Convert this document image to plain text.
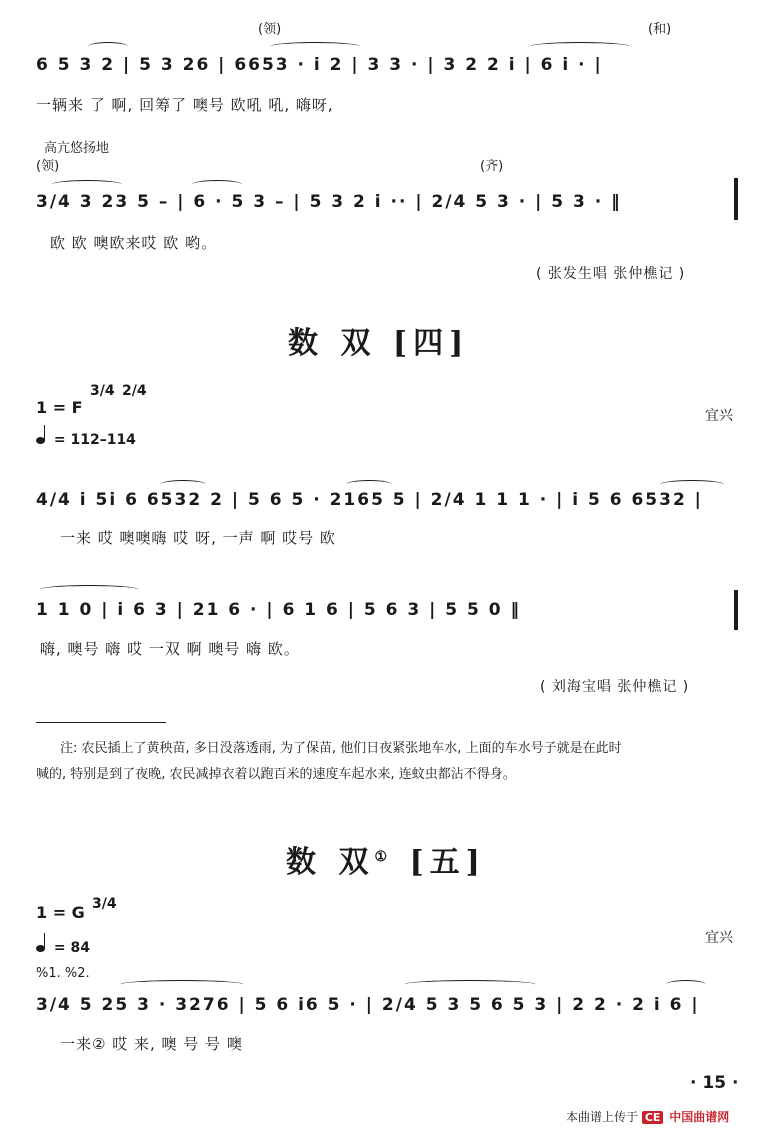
(领)	(和)
6 5 3 2 | 5 3 26 | 6653 · i 2 | 3 3 · | 3 2 2 i | 6 i · |
一辆来 了 啊, 回筹了 噢号 欧吼 吼, 嗨呀,
高亢悠扬地
(领)	(齐)
3/4 3 23 5 – | 6 · 5 3 – | 5 3 2 i ·· | 2/4 5 3 · | 5 3 · ‖
欧 欧 噢欧来哎 欧 哟。
( 张发生唱 张仲樵记 )
数 双 [四]
1 = F
3/4 2/4
宜兴
= 112–114
4/4 i 5i 6 6532 2 | 5 6 5 · 2165 5 | 2/4 1 1 1 · | i 5 6 6532 |
一来 哎 噢噢嗨 哎 呀, 一声 啊 哎号 欧
1 1 0 | i 6 3 | 21 6 · | 6 1 6 | 5 6 3 | 5 5 0 ‖
嗨, 噢号 嗨 哎 一双 啊 噢号 嗨 欧。
( 刘海宝唱 张仲樵记 )
注: 农民插上了黄秧苗, 多日没落透雨, 为了保苗, 他们日夜紧张地车水, 上面的车水号子就是在此时
喊的, 特别是到了夜晚, 农民减掉衣着以跑百米的速度车起水来, 连蚊虫都沾不得身。
数 双① [五]
1 = G 3/4
宜兴
= 84
%1. %2.
3/4 5 25 3 · 3276 | 5 6 i6 5 · | 2/4 5 3 5 6 5 3 | 2 2 · 2 i 6 |
一来② 哎 来, 噢 号 号 噢
· 15 ·
本曲谱上传于 CE 中国曲谱网
